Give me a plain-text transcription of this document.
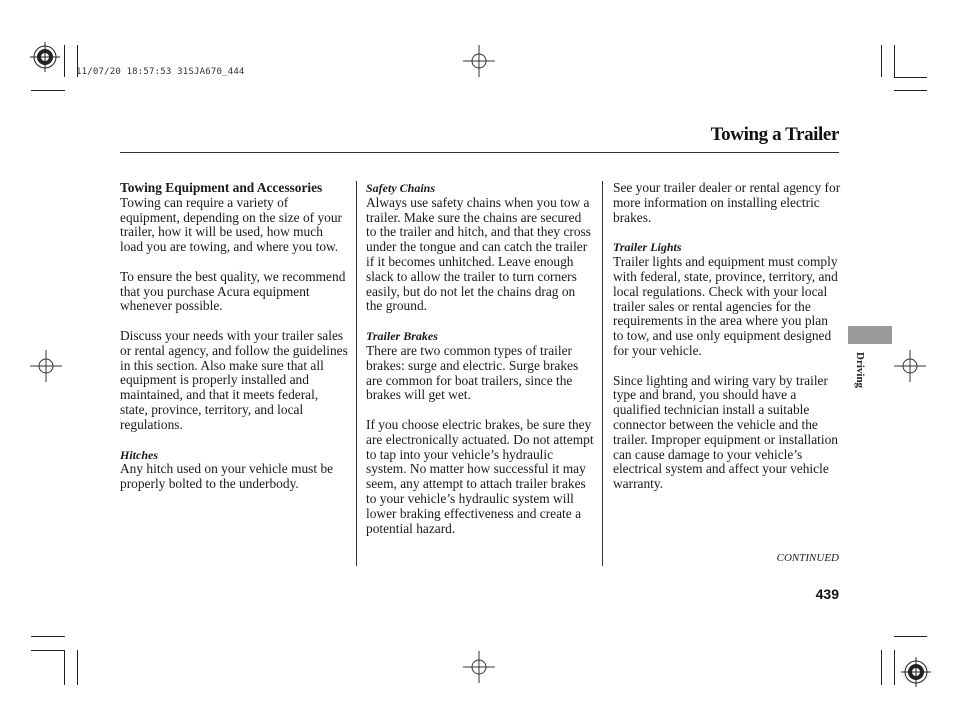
11/07/20 18:57:53 31SJA670_444
Towing a Trailer

Towing Equipment and Accessories

Towing can require a variety of equipment, depending on the size of your trailer, how it will be used, how much load you are towing, and where you tow.

To ensure the best quality, we recommend that you purchase Acura equipment whenever possible.

Discuss your needs with your trailer sales or rental agency, and follow the guidelines in this section. Also make sure that all equipment is properly installed and maintained, and that it meets federal, state, province, territory, and local regulations.

Hitches

Any hitch used on your vehicle must be properly bolted to the underbody.

Safety Chains

Always use safety chains when you tow a trailer. Make sure the chains are secured to the trailer and hitch, and that they cross under the tongue and can catch the trailer if it becomes unhitched. Leave enough slack to allow the trailer to turn corners easily, but do not let the chains drag on the ground.

Trailer Brakes

There are two common types of trailer brakes: surge and electric. Surge brakes are common for boat trailers, since the brakes will get wet.

If you choose electric brakes, be sure they are electronically actuated. Do not attempt to tap into your vehicle’s hydraulic system. No matter how successful it may seem, any attempt to attach trailer brakes to your vehicle’s hydraulic system will lower braking effectiveness and create a potential hazard.

See your trailer dealer or rental agency for more information on installing electric brakes.

Trailer Lights

Trailer lights and equipment must comply with federal, state, province, territory, and local regulations. Check with your local trailer sales or rental agencies for the requirements in the area where you plan to tow, and use only equipment designed for your vehicle.

Since lighting and wiring vary by trailer type and brand, you should have a qualified technician install a suitable connector between the vehicle and the trailer. Improper equipment or installation can cause damage to your vehicle’s electrical system and affect your vehicle warranty.

Driving
CONTINUED
439
